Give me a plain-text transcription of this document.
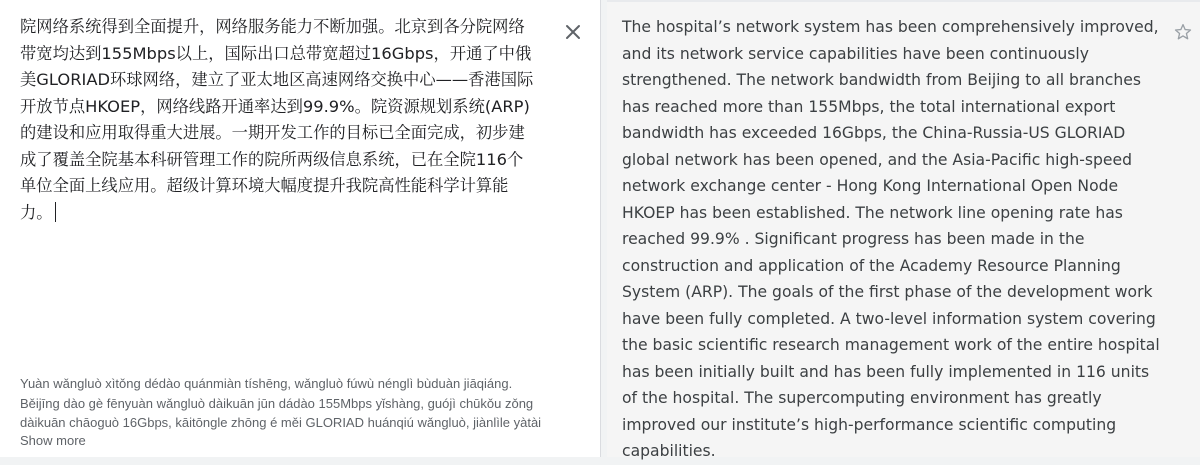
院网络系统得到全面提升，网络服务能力不断加强。北京到各分院网络带宽均达到155Mbps以上，国际出口总带宽超过16Gbps，开通了中俄美GLORIAD环球网络，建立了亚太地区高速网络交换中心——香港国际开放节点HKOEP，网络线路开通率达到99.9%。院资源规划系统(ARP)的建设和应用取得重大进展。一期开发工作的目标已全面完成，初步建成了覆盖全院基本科研管理工作的院所两级信息系统，已在全院116个单位全面上线应用。超级计算环境大幅度提升我院高性能科学计算能力。
Yuàn wǎngluò xìtǒng dédào quánmiàn tíshēng, wǎngluò fúwù nénglì bùduàn jiāqiáng.
Běijīng dào gè fēnyuàn wǎngluò dàikuān jūn dádào 155Mbps yǐshàng, guójì chūkǒu zǒng
dàikuān chāoguò 16Gbps, kāitōngle zhōng é měi GLORIAD huánqiú wǎngluò, jiànlìle yàtài
Show more
The hospital’s network system has been comprehensively improved, and its network service capabilities have been continuously strengthened. The network bandwidth from Beijing to all branches has reached more than 155Mbps, the total international export bandwidth has exceeded 16Gbps, the China-Russia-US GLORIAD global network has been opened, and the Asia-Pacific high-speed network exchange center - Hong Kong International Open Node HKOEP has been established. The network line opening rate has reached 99.9% . Significant progress has been made in the construction and application of the Academy Resource Planning System (ARP). The goals of the first phase of the development work have been fully completed. A two-level information system covering the basic scientific research management work of the entire hospital has been initially built and has been fully implemented in 116 units of the hospital. The supercomputing environment has greatly improved our institute’s high-performance scientific computing capabilities.
